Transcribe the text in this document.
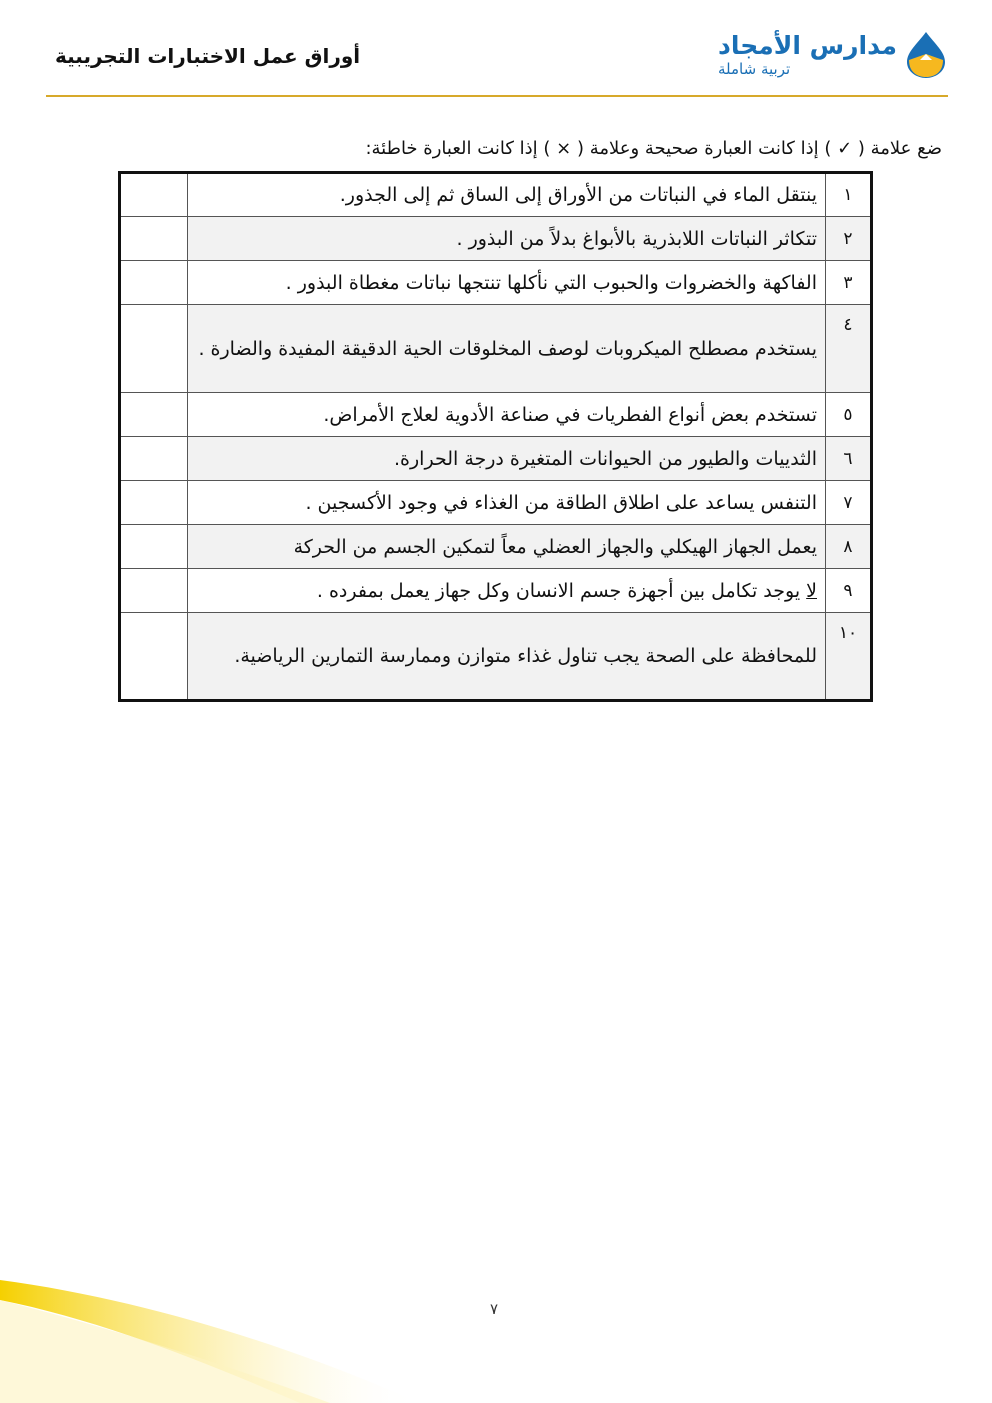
أوراق عمل الاختبارات التجريبية	مدارس الأمجاد
تربية شاملة
ضع علامة ( ✓ ) إذا كانت العبارة صحيحة وعلامة ( × ) إذا كانت العبارة خاطئة:
١	ينتقل الماء في النباتات من الأوراق إلى الساق ثم إلى الجذور.	
٢	تتكاثر النباتات اللابذرية بالأبواغ بدلاً من البذور .	
٣	الفاكهة والخضروات والحبوب التي نأكلها تنتجها نباتات مغطاة البذور .	
٤	يستخدم مصطلح الميكروبات لوصف المخلوقات الحية الدقيقة المفيدة والضارة .	
٥	تستخدم بعض أنواع الفطريات في صناعة الأدوية لعلاج الأمراض.	
٦	الثدييات والطيور من الحيوانات المتغيرة درجة الحرارة.	
٧	التنفس يساعد على اطلاق الطاقة من الغذاء في وجود الأكسجين .	
٨	يعمل الجهاز الهيكلي والجهاز العضلي معاً لتمكين الجسم من الحركة	
٩	لا يوجد تكامل بين أجهزة جسم الانسان وكل جهاز يعمل بمفرده .	
١٠	للمحافظة على الصحة يجب تناول غذاء متوازن وممارسة التمارين الرياضية.	
٧
